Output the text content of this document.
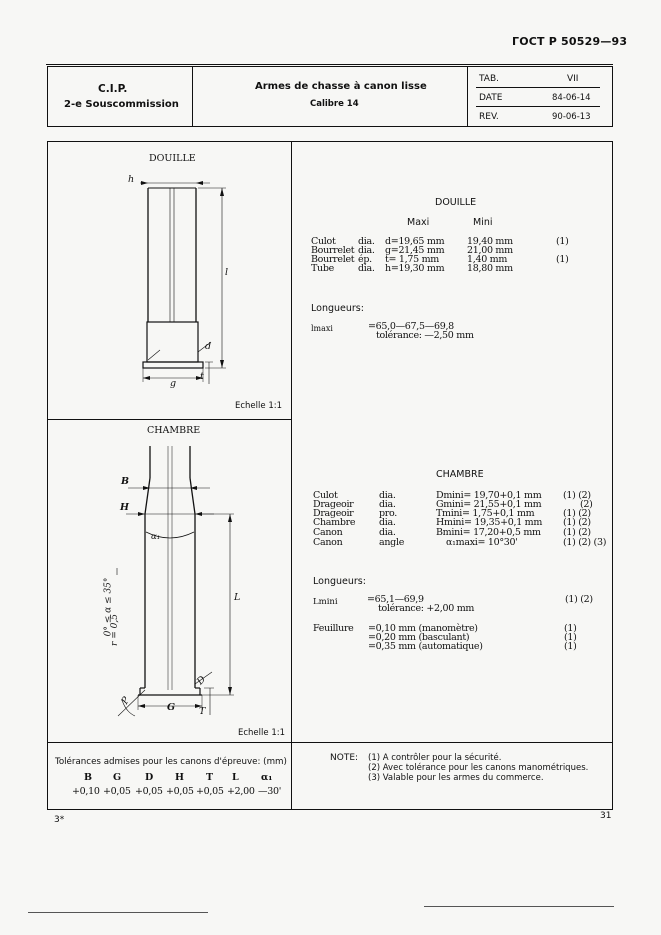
ГОСТ Р 50529—93
C.I.P.
2-e Souscommission
Armes de chasse à canon lisse
Calibre 14
TAB.	VII
DATE	84-06-14
REV.	90-06-13
DOUILLE
h
l
d
t
g
Echelle 1:1
DOUILLE
Maxi	Mini
Culot dia. d=19,65 mm 19,40 mm	(1)
Bourrelet dia. g=21,45 mm 21,00 mm
Bourrelet ép. t= 1,75 mm	1,40 mm	(1)
Tube	dia. h=19,30 mm 18,80 mm
Longueurs:
lmaxi	=65,0—67,5—69,8
tolérance: —2,50 mm
CHAMBRE
B
H
α₁
L
D
T
G
P
0° ≤ α ≤ 35°
r = 0,5
Echelle 1:1
CHAMBRE
Culot	dia.	Dmini= 19,70+0,1 mm (1) (2)
Drageoir	dia.	Gmini= 21,55+0,1 mm	(2)
Drageoir	pro.	Tmini= 1,75+0,1 mm	(1) (2)
Chambre	dia.	Hmini= 19,35+0,1 mm (1) (2)
Canon	dia.	Bmini= 17,20+0,5 mm (1) (2)
Canon	angle	α₁maxi= 10°30'	(1) (2) (3)
Longueurs:
Lmini	=65,1—69,9	(1) (2)
tolérance: +2,00 mm
Feuillure =0,10 mm (manomètre)	(1)
=0,20 mm (basculant)	(1)
=0,35 mm (automatique)	(1)
Tolérances admises pour les canons d'épreuve: (mm)
B G	D H T L α₁
+0,10 +0,05 +0,05 +0,05 +0,05 +2,00 —30'
NOTE: (1) A contrôler pour la sécurité.
(2) Avec tolérance pour les canons manométriques.
(3) Valable pour les armes du commerce.
3*	31
